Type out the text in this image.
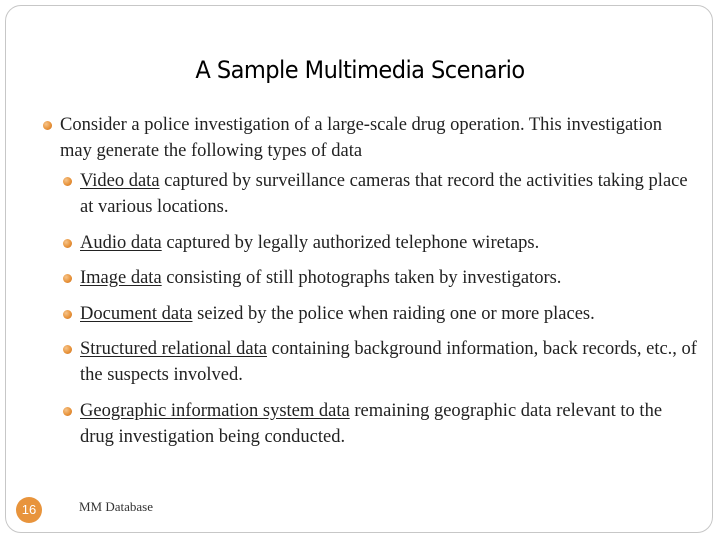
A Sample Multimedia Scenario
Consider a police investigation of a large-scale drug operation. This investigation may generate the following types of data
Video data captured by surveillance cameras that record the activities taking place at various locations.
Audio data captured by legally authorized telephone wiretaps.
Image data consisting of still photographs taken by investigators.
Document data seized by the police when raiding one or more places.
Structured relational data containing background information, back records, etc., of the suspects involved.
Geographic information system data remaining geographic data relevant to the drug investigation being conducted.
16	MM Database
